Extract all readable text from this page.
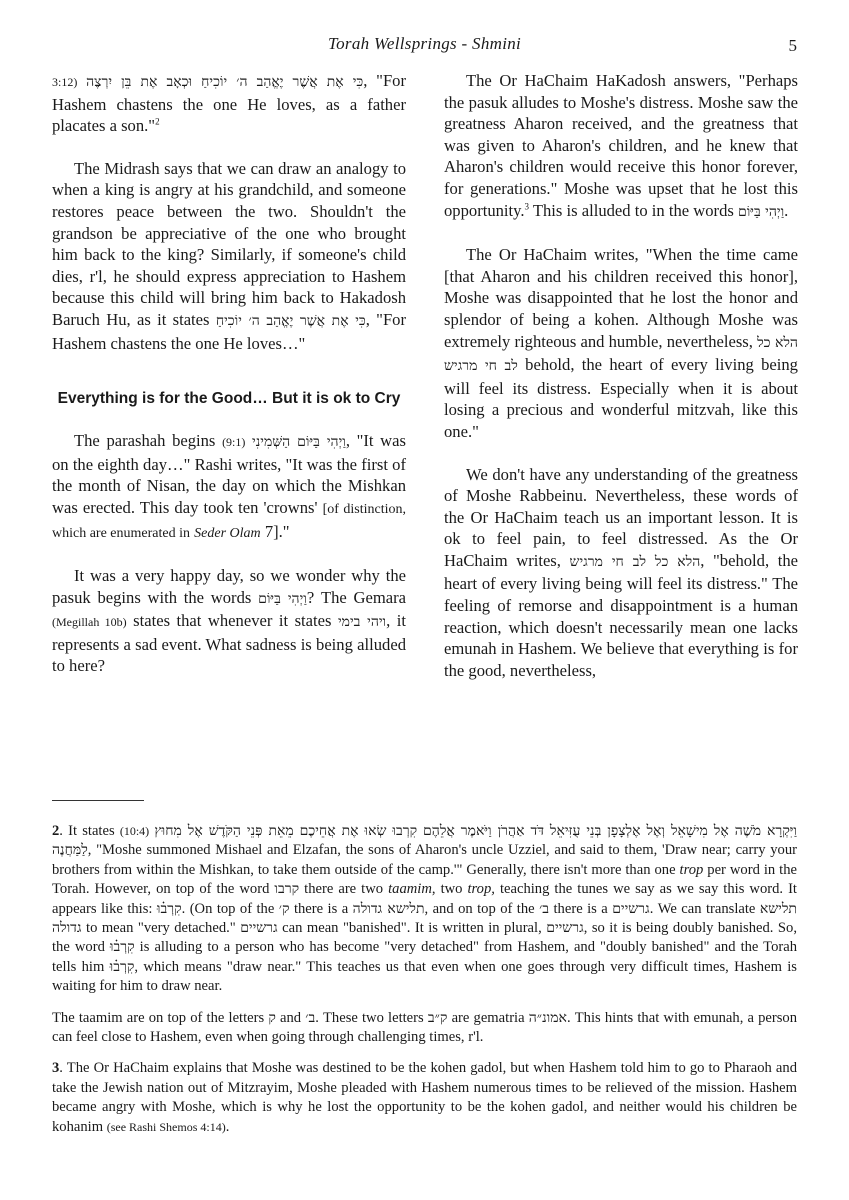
Torah Wellsprings - Shmini	5

3:12) כִּי אֶת אֲשֶׁר יֶאֱהַב ה׳ יוֹכִיחַ וּכְאָב אֶת בֵּן יִרְצֶה, "For Hashem chastens the one He loves, as a father placates a son."$^2$

The Midrash says that we can draw an analogy to when a king is angry at his grandchild, and someone restores peace between the two. Shouldn't the grandson be appreciative of the one who brought him back to the king? Similarly, if someone's child dies, r'l, he should express appreciation to Hashem because this child will bring him back to Hakadosh Baruch Hu, as it states כִּי אֶת אֲשֶׁר יֶאֱהַב ה׳ יוֹכִיחַ, "For Hashem chastens the one He loves…"

Everything is for the Good… But it is ok to Cry

The parashah begins (9:1) וַיְהִי בַּיּוֹם הַשְּׁמִינִי, "It was on the eighth day…" Rashi writes, "It was the first of the month of Nisan, the day on which the Mishkan was erected. This day took ten 'crowns' [of distinction, which are enumerated in Seder Olam 7]."

It was a very happy day, so we wonder why the pasuk begins with the words וַיְהִי בַּיּוֹם? The Gemara (Megillah 10b) states that whenever it states ויהי בימי, it represents a sad event. What sadness is being alluded to here?

The Or HaChaim HaKadosh answers, "Perhaps the pasuk alludes to Moshe's distress. Moshe saw the greatness Aharon received, and the greatness that was given to Aharon's children, and he knew that Aharon's children would receive this honor forever, for generations." Moshe was upset that he lost this opportunity.$^3$ This is alluded to in the words וַיְהִי בַּיּוֹם.

The Or HaChaim writes, "When the time came [that Aharon and his children received this honor], Moshe was disappointed that he lost the honor and splendor of being a kohen. Although Moshe was extremely righteous and humble, nevertheless, הלא כל לב חי מרגיש behold, the heart of every living being will feel its distress. Especially when it is about losing a precious and wonderful mitzvah, like this one."

We don't have any understanding of the greatness of Moshe Rabbeinu. Nevertheless, these words of the Or HaChaim teach us an important lesson. It is ok to feel pain, to feel distressed. As the Or HaChaim writes, הלא כל לב חי מרגיש, "behold, the heart of every living being will feel its distress." The feeling of remorse and disappointment is a human reaction, which doesn't necessarily mean one lacks emunah in Hashem. We believe that everything is for the good, nevertheless,

2. It states (10:4) וַיִּקְרָא מֹשֶׁה אֶל מִישָׁאֵל וְאֶל אֶלְצָפָן בְּנֵי עֻזִּיאֵל דֹּד אַהֲרֹן וַיֹּאמֶר אֲלֵהֶם קִרְבוּ שְׂאוּ אֶת אֲחֵיכֶם מֵאֵת פְּנֵי הַקֹּדֶשׁ אֶל מִחוּץ לַמַּחֲנֶה, "Moshe summoned Mishael and Elzafan, the sons of Aharon's uncle Uzziel, and said to them, 'Draw near; carry your brothers from within the Mishkan, to take them outside of the camp.'" Generally, there isn't more than one trop per word in the Torah. However, on top of the word קרבו there are two taamim, two trop, teaching the tunes we say as we say this word. It appears like this: קִרְב֗וּ. (On top of the ק׳ there is a תלישא גדולה, and on top of the ב׳ there is a גרשיים. We can translate תלישא גדולה to mean "very detached." גרשיים can mean "banished". It is written in plural, גרשיים, so it is being doubly banished. So, the word קִרְב֗וּ is alluding to a person who has become "very detached" from Hashem, and "doubly banished" and the Torah tells him קִרְב֗וּ, which means "draw near." This teaches us that even when one goes through very difficult times, Hashem is waiting for him to draw near.

The taamim are on top of the letters ק and ב׳. These two letters ק״ב are gematria אמונ״ה. This hints that with emunah, a person can feel close to Hashem, even when going through challenging times, r'l.

3. The Or HaChaim explains that Moshe was destined to be the kohen gadol, but when Hashem told him to go to Pharaoh and take the Jewish nation out of Mitzrayim, Moshe pleaded with Hashem numerous times to be relieved of the mission. Hashem became angry with Moshe, which is why he lost the opportunity to be the kohen gadol, and neither would his children be kohanim (see Rashi Shemos 4:14).
